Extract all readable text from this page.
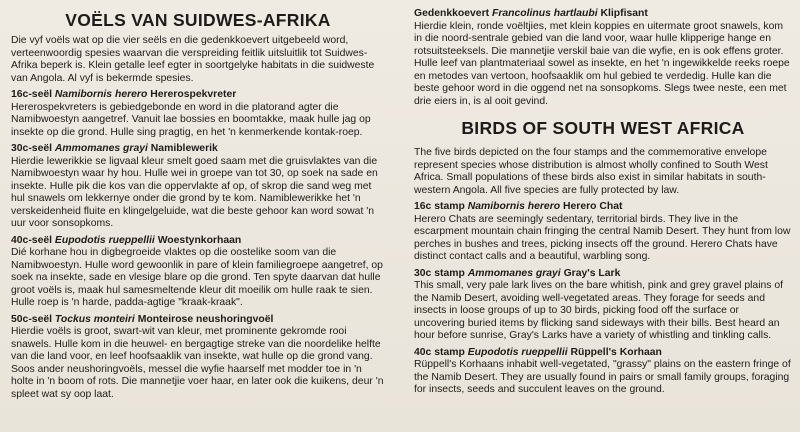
VOËLS VAN SUIDWES-AFRIKA

Die vyf voëls wat op die vier seëls en die gedenkkoevert uitgebeeld word, verteenwoordig spesies waarvan die verspreiding feitlik uitsluitlik tot Suidwes-Afrika beperk is. Klein getalle leef egter in soortgelyke habitats in die suidweste van Angola. Al vyf is bekermde spesies.

16c-seël Namibornis herero Hererospekvreter

Hererospekvreters is gebiedgebonde en word in die platorand agter die Namibwoestyn aangetref. Vanuit lae bossies en boomtakke, maak hulle jag op insekte op die grond. Hulle sing pragtig, en het 'n kenmerkende kontak-roep.

30c-seël Ammomanes grayi Namiblewerik

Hierdie lewerikkie se ligvaal kleur smelt goed saam met die gruisvlaktes van die Namibwoestyn waar hy hou. Hulle wei in groepe van tot 30, op soek na sade en insekte. Hulle pik die kos van die oppervlakte af op, of skrop die sand weg met hul snawels om lekkernye onder die grond by te kom. Namiblewerikke het 'n verskeidenheid fluite en klingelgeluide, wat die beste gehoor kan word sowat 'n uur voor sonsopkoms.

40c-seël Eupodotis rueppellii Woestynkorhaan

Dié korhane hou in digbegroeide vlaktes op die oostelike soom van die Namibwoestyn. Hulle word gewoonlik in pare of klein familiegroepe aangetref, op soek na insekte, sade en vlesige blare op die grond. Ten spyte daarvan dat hulle groot voëls is, maak hul samesmeltende kleur dit moeilik om hulle raak te sien. Hulle roep is 'n harde, padda-agtige "kraak-kraak".

50c-seël Tockus monteiri Monteirose neushoringvoël

Hierdie voëls is groot, swart-wit van kleur, met prominente gekromde rooi snawels. Hulle kom in die heuwel- en bergagtige streke van die noordelike helfte van die land voor, en leef hoofsaaklik van insekte, wat hulle op die grond vang. Soos ander neushoringvoëls, messel die wyfie haarself met modder toe in 'n holte in 'n boom of rots. Die mannetjie voer haar, en later ook die kuikens, deur 'n spleet wat sy oop laat.

Gedenkkoevert Francolinus hartlaubi Klipfisant

Hierdie klein, ronde voëltjies, met klein koppies en uitermate groot snawels, kom in die noord-sentrale gebied van die land voor, waar hulle klipperige hange en rotsuitsteeksels. Die mannetjie verskil baie van die wyfie, en is ook effens groter. Hulle leef van plantmateriaal sowel as insekte, en het 'n ingewikkelde reeks roepe en metodes van vertoon, hoofsaaklik om hul gebied te verdedig. Hulle kan die beste gehoor word in die oggend net na sonsopkoms. Slegs twee neste, een met drie eiers in, is al ooit gevind.

BIRDS OF SOUTH WEST AFRICA

The five birds depicted on the four stamps and the commemorative envelope represent species whose distribution is almost wholly confined to South West Africa. Small populations of these birds also exist in similar habitats in south-western Angola. All five species are fully protected by law.

16c stamp Namibornis herero Herero Chat

Herero Chats are seemingly sedentary, territorial birds. They live in the escarpment mountain chain fringing the central Namib Desert. They hunt from low perches in bushes and trees, picking insects off the ground. Herero Chats have distinct contact calls and a beautiful, warbling song.

30c stamp Ammomanes grayi Gray's Lark

This small, very pale lark lives on the bare whitish, pink and grey gravel plains of the Namib Desert, avoiding well-vegetated areas. They forage for seeds and insects in loose groups of up to 30 birds, picking food off the surface or uncovering buried items by flicking sand sideways with their bills. Best heard an hour before sunrise, Gray's Larks have a variety of whistling and tinkling calls.

40c stamp Eupodotis rueppellii Rüppell's Korhaan

Rüppell's Korhaans inhabit well-vegetated, "grassy" plains on the eastern fringe of the Namib Desert. They are usually found in pairs or small family groups, foraging for insects, seeds and succulent leaves on the ground.
